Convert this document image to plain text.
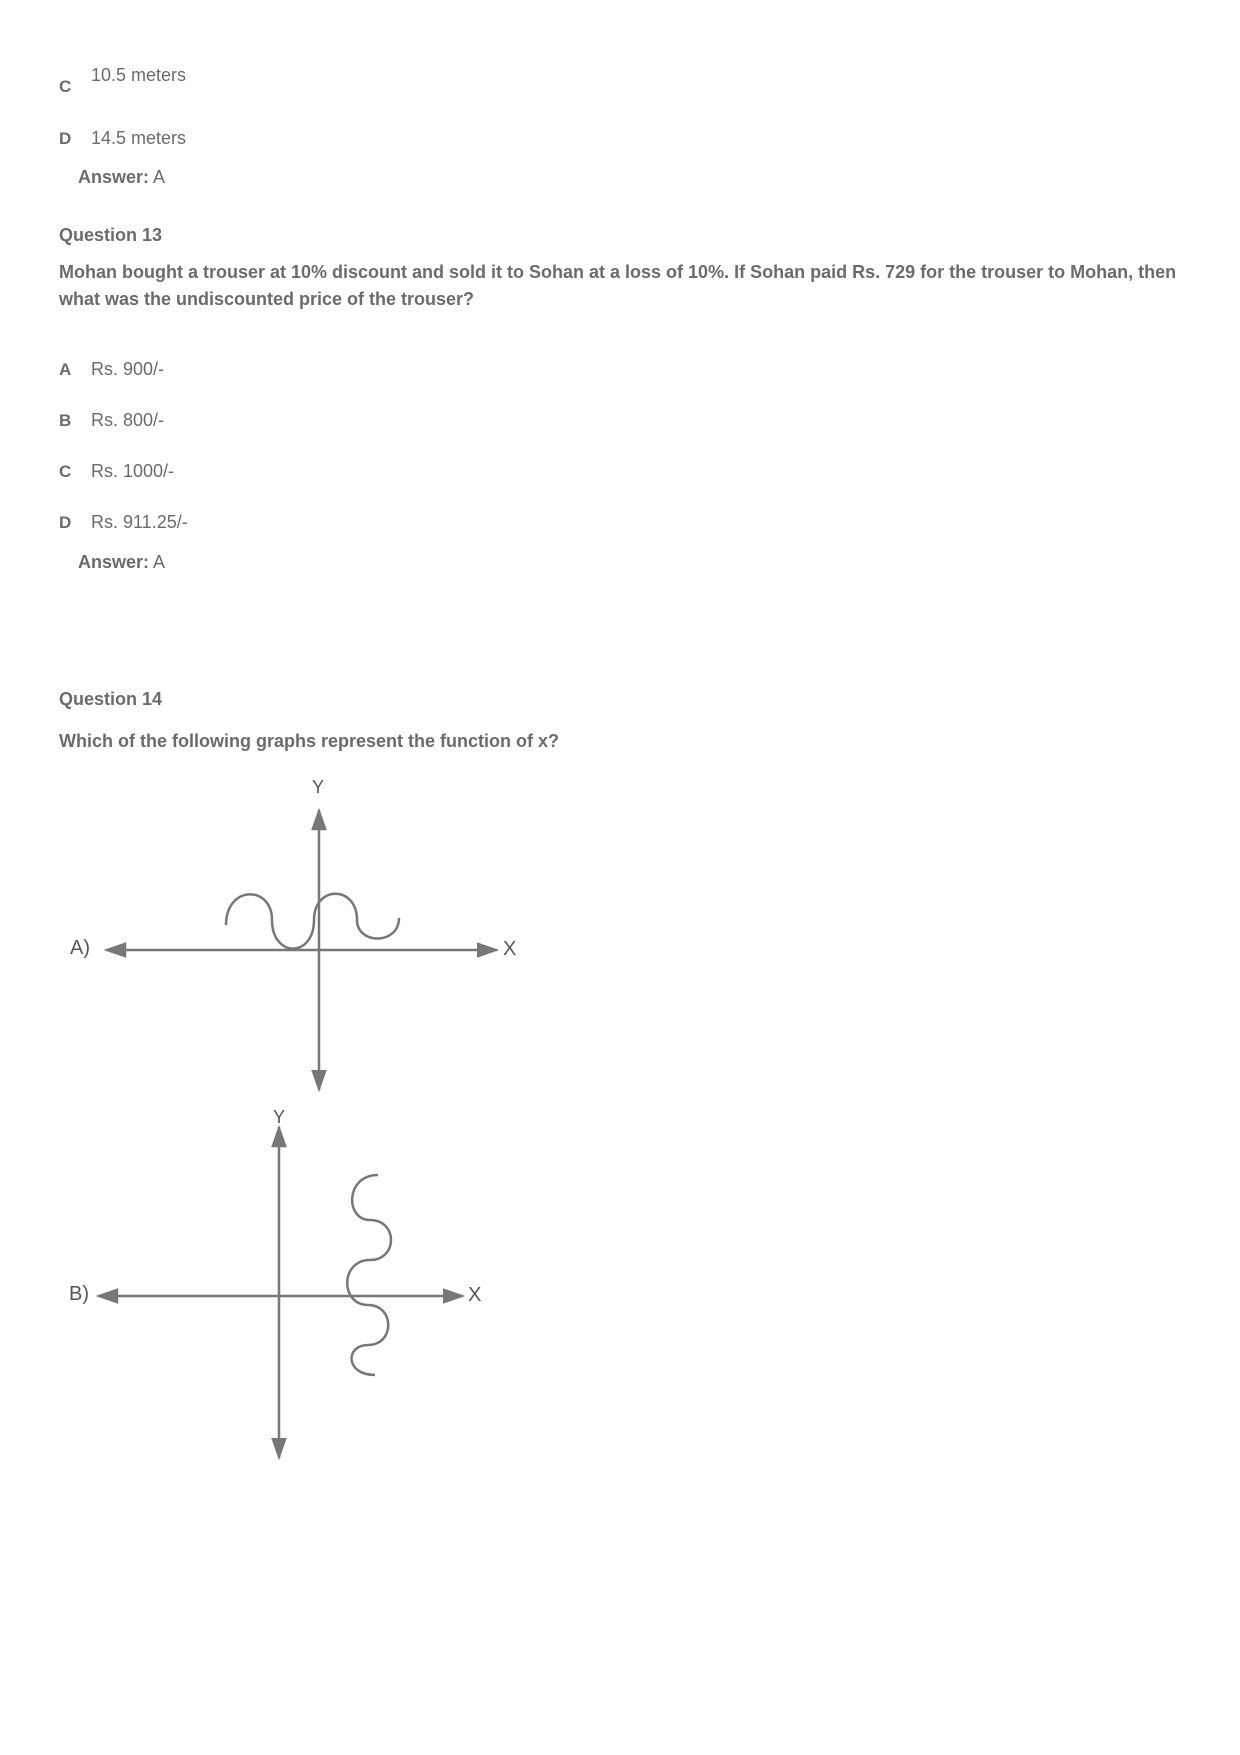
C
10.5 meters
D 14.5 meters
Answer: A
Question 13
Mohan bought a trouser at 10% discount and sold it to Sohan at a loss of 10%. If Sohan paid Rs. 729 for the trouser to Mohan, then what was the undiscounted price of the trouser?
A Rs. 900/-
B Rs. 800/-
C Rs. 1000/-
D Rs. 911.25/-
Answer: A
Question 14
Which of the following graphs represent the function of x?
A)	X
Y
B)	X
Y
